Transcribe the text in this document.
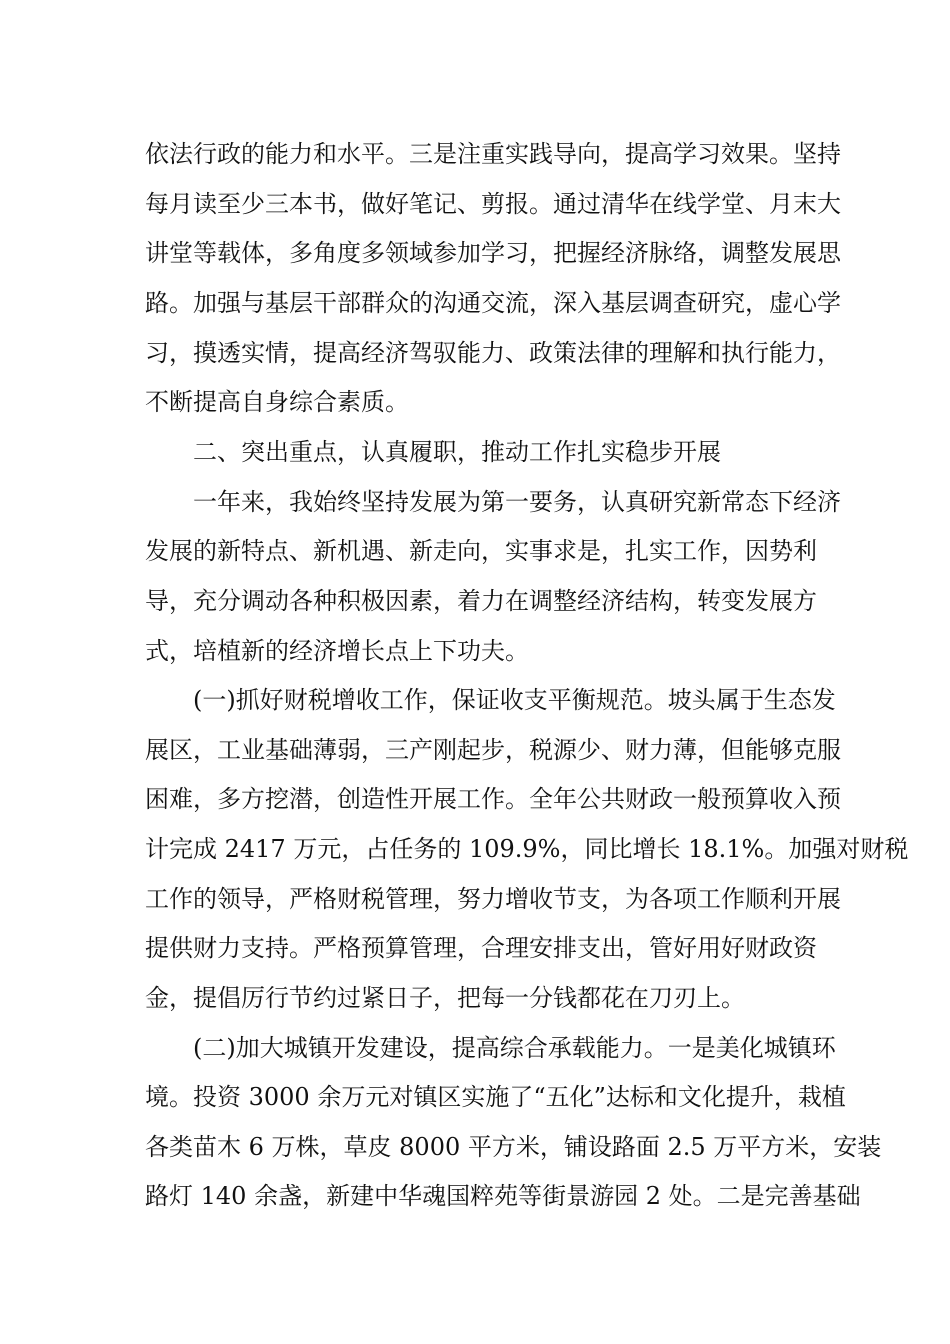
依法行政的能力和水平。三是注重实践导向，提高学习效果。坚持
每月读至少三本书，做好笔记、剪报。通过清华在线学堂、月末大
讲堂等载体，多角度多领域参加学习，把握经济脉络，调整发展思
路。加强与基层干部群众的沟通交流，深入基层调查研究，虚心学
习，摸透实情，提高经济驾驭能力、政策法律的理解和执行能力，
不断提高自身综合素质。
　　二、突出重点，认真履职，推动工作扎实稳步开展
　　一年来，我始终坚持发展为第一要务，认真研究新常态下经济
发展的新特点、新机遇、新走向，实事求是，扎实工作，因势利
导，充分调动各种积极因素，着力在调整经济结构，转变发展方
式，培植新的经济增长点上下功夫。
　　(一)抓好财税增收工作，保证收支平衡规范。坡头属于生态发
展区，工业基础薄弱，三产刚起步，税源少、财力薄，但能够克服
困难，多方挖潜，创造性开展工作。全年公共财政一般预算收入预
计完成 2417 万元，占任务的 109.9%，同比增长 18.1%。加强对财税
工作的领导，严格财税管理，努力增收节支，为各项工作顺利开展
提供财力支持。严格预算管理，合理安排支出，管好用好财政资
金，提倡厉行节约过紧日子，把每一分钱都花在刀刃上。
　　(二)加大城镇开发建设，提高综合承载能力。一是美化城镇环
境。投资 3000 余万元对镇区实施了“五化”达标和文化提升，栽植
各类苗木 6 万株，草皮 8000 平方米，铺设路面 2.5 万平方米，安装
路灯 140 余盏，新建中华魂国粹苑等街景游园 2 处。二是完善基础
